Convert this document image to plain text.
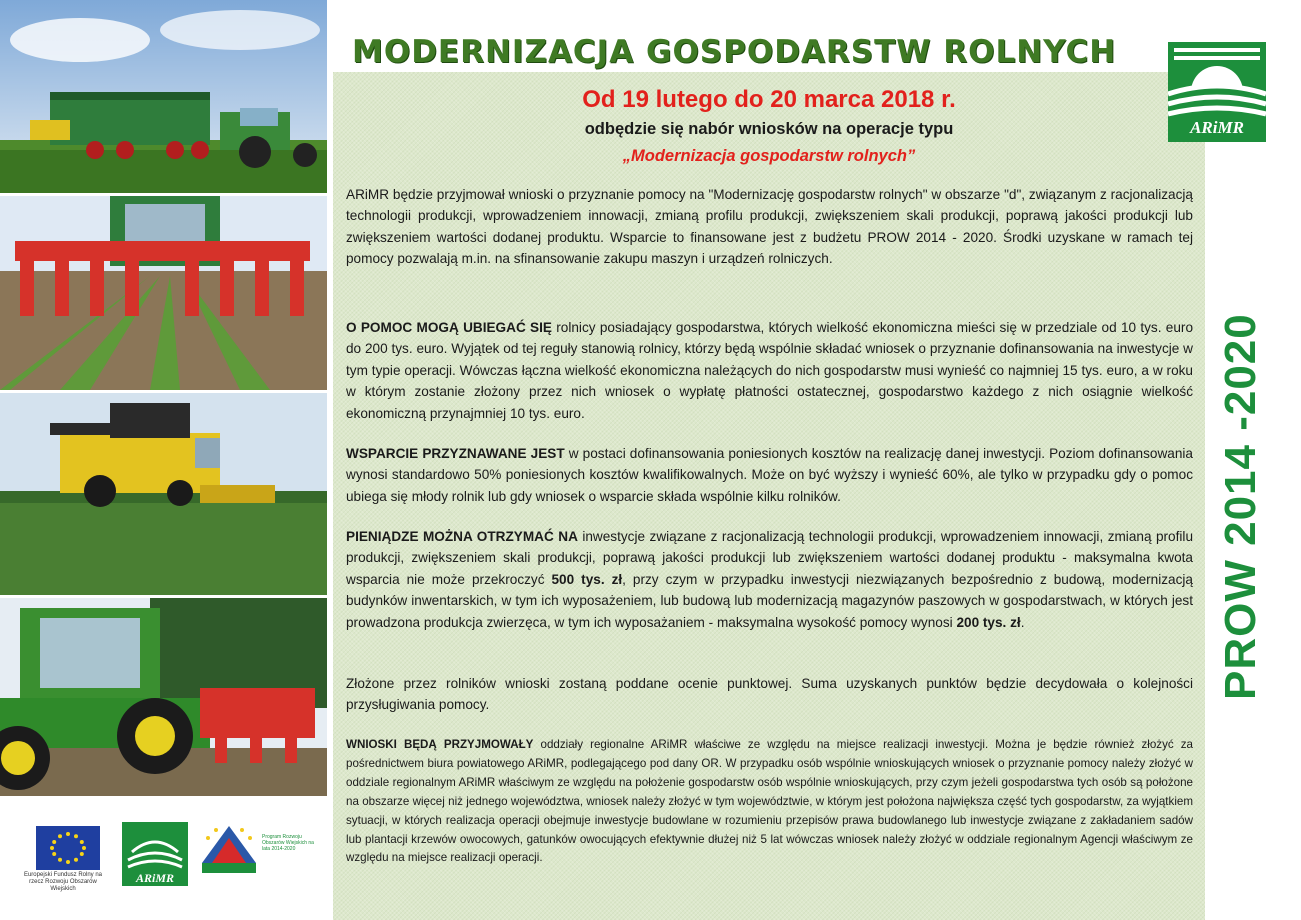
Europejski Fundusz Rolny na rzecz Rozwoju Obszarów Wiejskich
ARiMR
Program Rozwoju Obszarów Wiejskich na lata 2014-2020
MODERNIZACJA GOSPODARSTW ROLNYCH
Od 19 lutego do 20 marca 2018 r.
odbędzie się nabór wniosków na operacje typu
„Modernizacja gospodarstw rolnych”

ARiMR będzie przyjmował wnioski o przyznanie pomocy na "Modernizację gospodarstw rolnych" w obszarze "d", związanym z racjonalizacją technologii produkcji, wprowadzeniem innowacji, zmianą profilu produkcji, zwiększeniem skali produkcji, poprawą jakości produkcji lub zwiększeniem wartości dodanej produktu. Wsparcie to finansowane jest z budżetu PROW 2014 - 2020. Środki uzyskane w ramach tej pomocy pozwalają m.in. na sfinansowanie zakupu maszyn i urządzeń rolniczych.

O POMOC MOGĄ UBIEGAĆ SIĘ rolnicy posiadający gospodarstwa, których wielkość ekonomiczna mieści się w przedziale od 10 tys. euro do 200 tys. euro. Wyjątek od tej reguły stanowią rolnicy, którzy będą wspólnie składać wniosek o przyznanie dofinansowania na inwestycje w tym typie operacji. Wówczas łączna wielkość ekonomiczna należących do nich gospodarstw musi wynieść co najmniej 15 tys. euro, a w roku w którym zostanie złożony przez nich wniosek o wypłatę płatności ostatecznej, gospodarstwo każdego z nich osiągnie wielkość ekonomiczną przynajmniej 10 tys. euro.

WSPARCIE PRZYZNAWANE JEST w postaci dofinansowania poniesionych kosztów na realizację danej inwestycji. Poziom dofinansowania wynosi standardowo 50% poniesionych kosztów kwalifikowalnych. Może on być wyższy i wynieść 60%, ale tylko w przypadku gdy o pomoc ubiega się młody rolnik lub gdy wniosek o wsparcie składa wspólnie kilku rolników.

PIENIĄDZE MOŻNA OTRZYMAĆ NA inwestycje związane z racjonalizacją technologii produkcji, wprowadzeniem innowacji, zmianą profilu produkcji, zwiększeniem skali produkcji, poprawą jakości produkcji lub zwiększeniem wartości dodanej produktu - maksymalna kwota wsparcia nie może przekroczyć 500 tys. zł, przy czym w przypadku inwestycji niezwiązanych bezpośrednio z budową, modernizacją budynków inwentarskich, w tym ich wyposażeniem, lub budową lub modernizacją magazynów paszowych w gospodarstwach, w których jest prowadzona produkcja zwierzęca, w tym ich wyposażaniem - maksymalna wysokość pomocy wynosi 200 tys. zł.

Złożone przez rolników wnioski zostaną poddane ocenie punktowej. Suma uzyskanych punktów będzie decydowała o kolejności przysługiwania pomocy.

WNIOSKI BĘDĄ PRZYJMOWAŁY oddziały regionalne ARiMR właściwe ze względu na miejsce realizacji inwestycji. Można je będzie również złożyć za pośrednictwem biura powiatowego ARiMR, podlegającego pod dany OR. W przypadku osób wspólnie wnioskujących wniosek o przyznanie pomocy należy złożyć w oddziale regionalnym ARiMR właściwym ze względu na położenie gospodarstw osób wspólnie wnioskujących, przy czym jeżeli gospodarstwa tych osób są położone na obszarze więcej niż jednego województwa, wniosek należy złożyć w tym województwie, w którym jest położona największa część tych gospodarstw, za wyjątkiem sytuacji, w których realizacja operacji obejmuje inwestycje budowlane w rozumieniu przepisów prawa budowlanego lub inwestycje związane z zakładaniem sadów lub plantacji krzewów owocowych, gatunków owocujących efektywnie dłużej niż 5 lat wówczas wniosek należy złożyć w oddziale regionalnym Agencji właściwym ze względu na miejsce realizacji operacji.

ARiMR
PROW 2014 -2020
